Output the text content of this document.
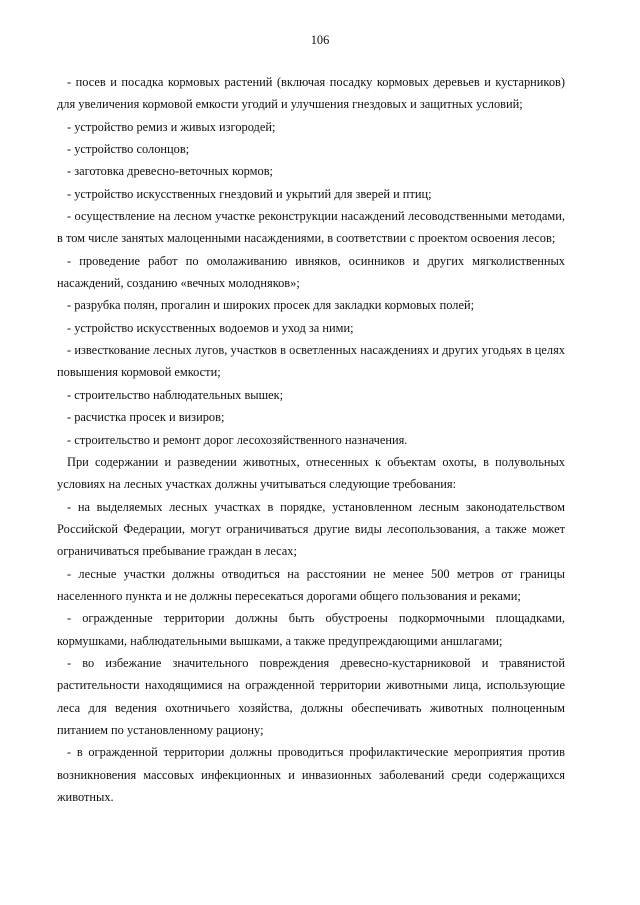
106

- посев и посадка кормовых растений (включая посадку кормовых деревьев и кустарников) для увеличения кормовой емкости угодий и улучшения гнездовых и защитных условий;

- устройство ремиз и живых изгородей;

- устройство солонцов;

- заготовка древесно-веточных кормов;

- устройство искусственных гнездовий и укрытий для зверей и птиц;

- осуществление на лесном участке реконструкции насаждений лесоводственными методами, в том числе занятых малоценными насаждениями, в соответствии с проектом освоения лесов;

- проведение работ по омолаживанию ивняков, осинников и других мягколиственных насаждений, созданию «вечных молодняков»;

- разрубка полян, прогалин и широких просек для закладки кормовых полей;

- устройство искусственных водоемов и уход за ними;

- известкование лесных лугов, участков в осветленных насаждениях и других угодьях в целях повышения кормовой емкости;

- строительство наблюдательных вышек;

- расчистка просек и визиров;

- строительство и ремонт дорог лесохозяйственного назначения.

При содержании и разведении животных, отнесенных к объектам охоты, в полувольных условиях на лесных участках должны учитываться следующие требования:

- на выделяемых лесных участках в порядке, установленном лесным законодательством Российской Федерации, могут ограничиваться другие виды лесопользования, а также может ограничиваться пребывание граждан в лесах;

- лесные участки должны отводиться на расстоянии не менее 500 метров от границы населенного пункта и не должны пересекаться дорогами общего пользования и реками;

- огражденные территории должны быть обустроены подкормочными площадками, кормушками, наблюдательными вышками, а также предупреждающими аншлагами;

- во избежание значительного повреждения древесно-кустарниковой и травянистой растительности находящимися на огражденной территории животными лица, использующие леса для ведения охотничьего хозяйства, должны обеспечивать животных полноценным питанием по установленному рациону;

- в огражденной территории должны проводиться профилактические мероприятия против возникновения массовых инфекционных и инвазионных заболеваний среди содержащихся животных.
